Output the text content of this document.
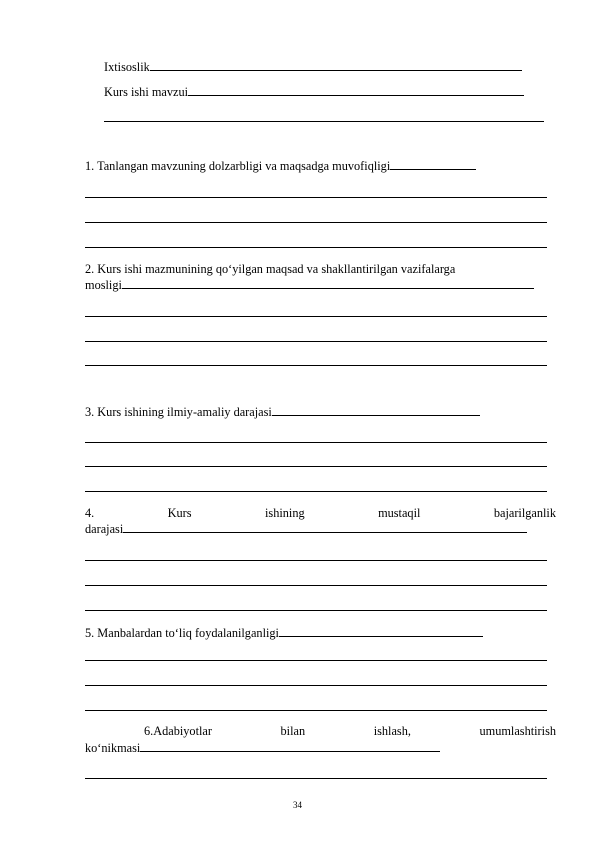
Ixtisoslik
Kurs ishi mavzui
1. Tanlangan mavzuning dolzarbligi va maqsadga muvofiqligi
2. Kurs ishi mazmunining qo‘yilgan maqsad va shakllantirilgan vazifalarga
mosligi
3. Kurs ishining ilmiy-amaliy darajasi
4.	Kurs	ishining	mustaqil	bajarilganlik
darajasi
5. Manbalardan to‘liq foydalanilganligi
6.Adabiyotlar	bilan	ishlash,	umumlashtirish
ko‘nikmasi
34
